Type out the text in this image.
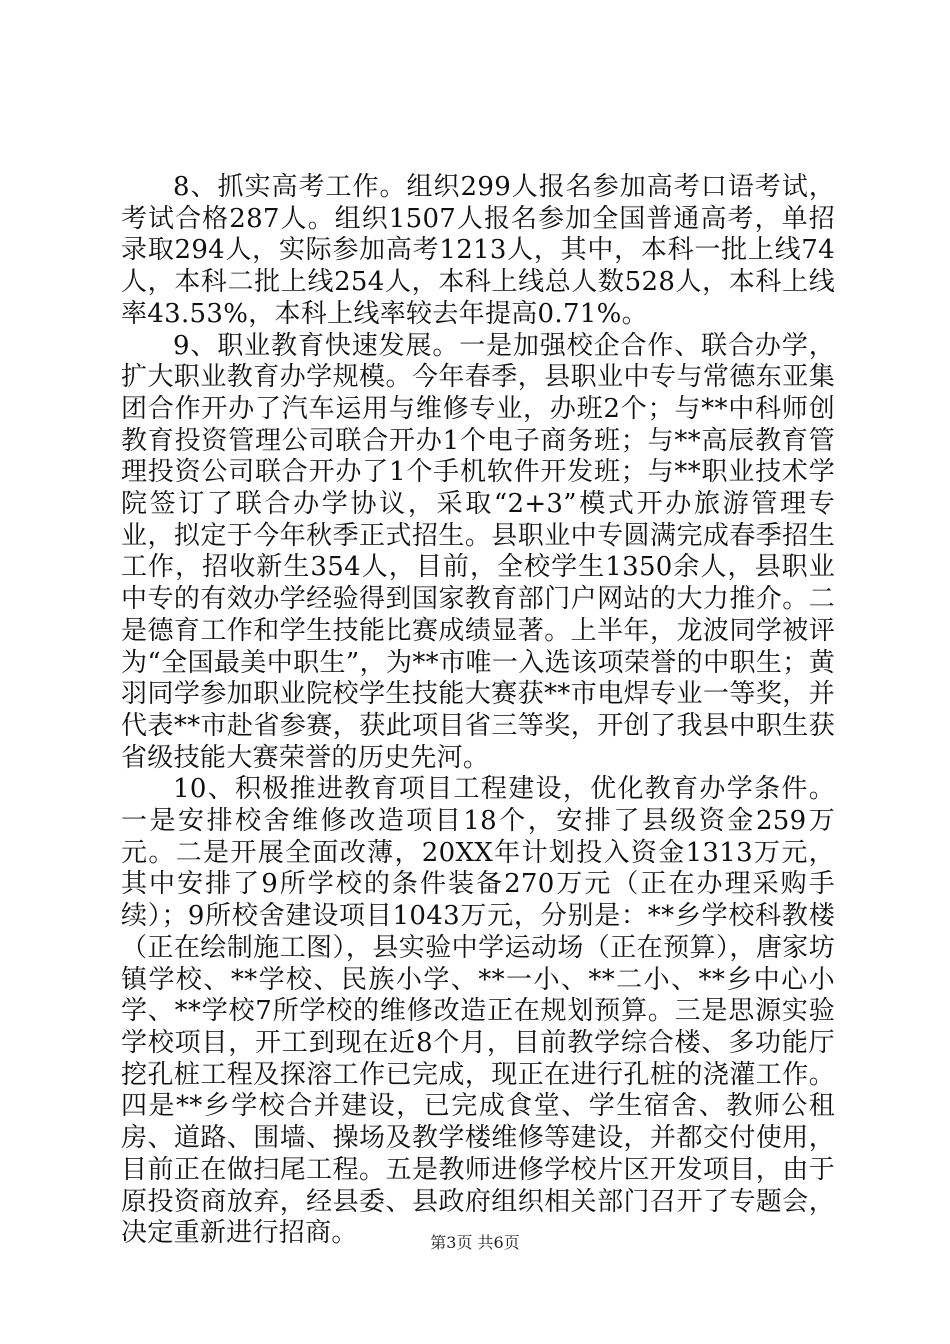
8、抓实高考工作。组织299人报名参加高考口语考试，考试合格287人。组织1507人报名参加全国普通高考，单招录取294人，实际参加高考1213人，其中，本科一批上线74人，本科二批上线254人，本科上线总人数528人，本科上线率43.53%，本科上线率较去年提高0.71%。

9、职业教育快速发展。一是加强校企合作、联合办学，扩大职业教育办学规模。今年春季，县职业中专与常德东亚集团合作开办了汽车运用与维修专业，办班2个；与**中科师创教育投资管理公司联合开办1个电子商务班；与**高辰教育管理投资公司联合开办了1个手机软件开发班；与**职业技术学院签订了联合办学协议，采取“2+3”模式开办旅游管理专业，拟定于今年秋季正式招生。县职业中专圆满完成春季招生工作，招收新生354人，目前，全校学生1350余人，县职业中专的有效办学经验得到国家教育部门户网站的大力推介。二是德育工作和学生技能比赛成绩显著。上半年，龙波同学被评为“全国最美中职生”，为**市唯一入选该项荣誉的中职生；黄羽同学参加职业院校学生技能大赛获**市电焊专业一等奖，并代表**市赴省参赛，获此项目省三等奖，开创了我县中职生获省级技能大赛荣誉的历史先河。

10、积极推进教育项目工程建设，优化教育办学条件。一是安排校舍维修改造项目18个，安排了县级资金259万元。二是开展全面改薄，20XX年计划投入资金1313万元，其中安排了9所学校的条件装备270万元（正在办理采购手续）；9所校舍建设项目1043万元，分别是：**乡学校科教楼（正在绘制施工图），县实验中学运动场（正在预算），唐家坊镇学校、**学校、民族小学、**一小、**二小、**乡中心小学、**学校7所学校的维修改造正在规划预算。三是思源实验学校项目，开工到现在近8个月，目前教学综合楼、多功能厅挖孔桩工程及探溶工作已完成，现正在进行孔桩的浇灌工作。四是**乡学校合并建设，已完成食堂、学生宿舍、教师公租房、道路、围墙、操场及教学楼维修等建设，并都交付使用，目前正在做扫尾工程。五是教师进修学校片区开发项目，由于原投资商放弃，经县委、县政府组织相关部门召开了专题会，决定重新进行招商。	第3页 共6页
